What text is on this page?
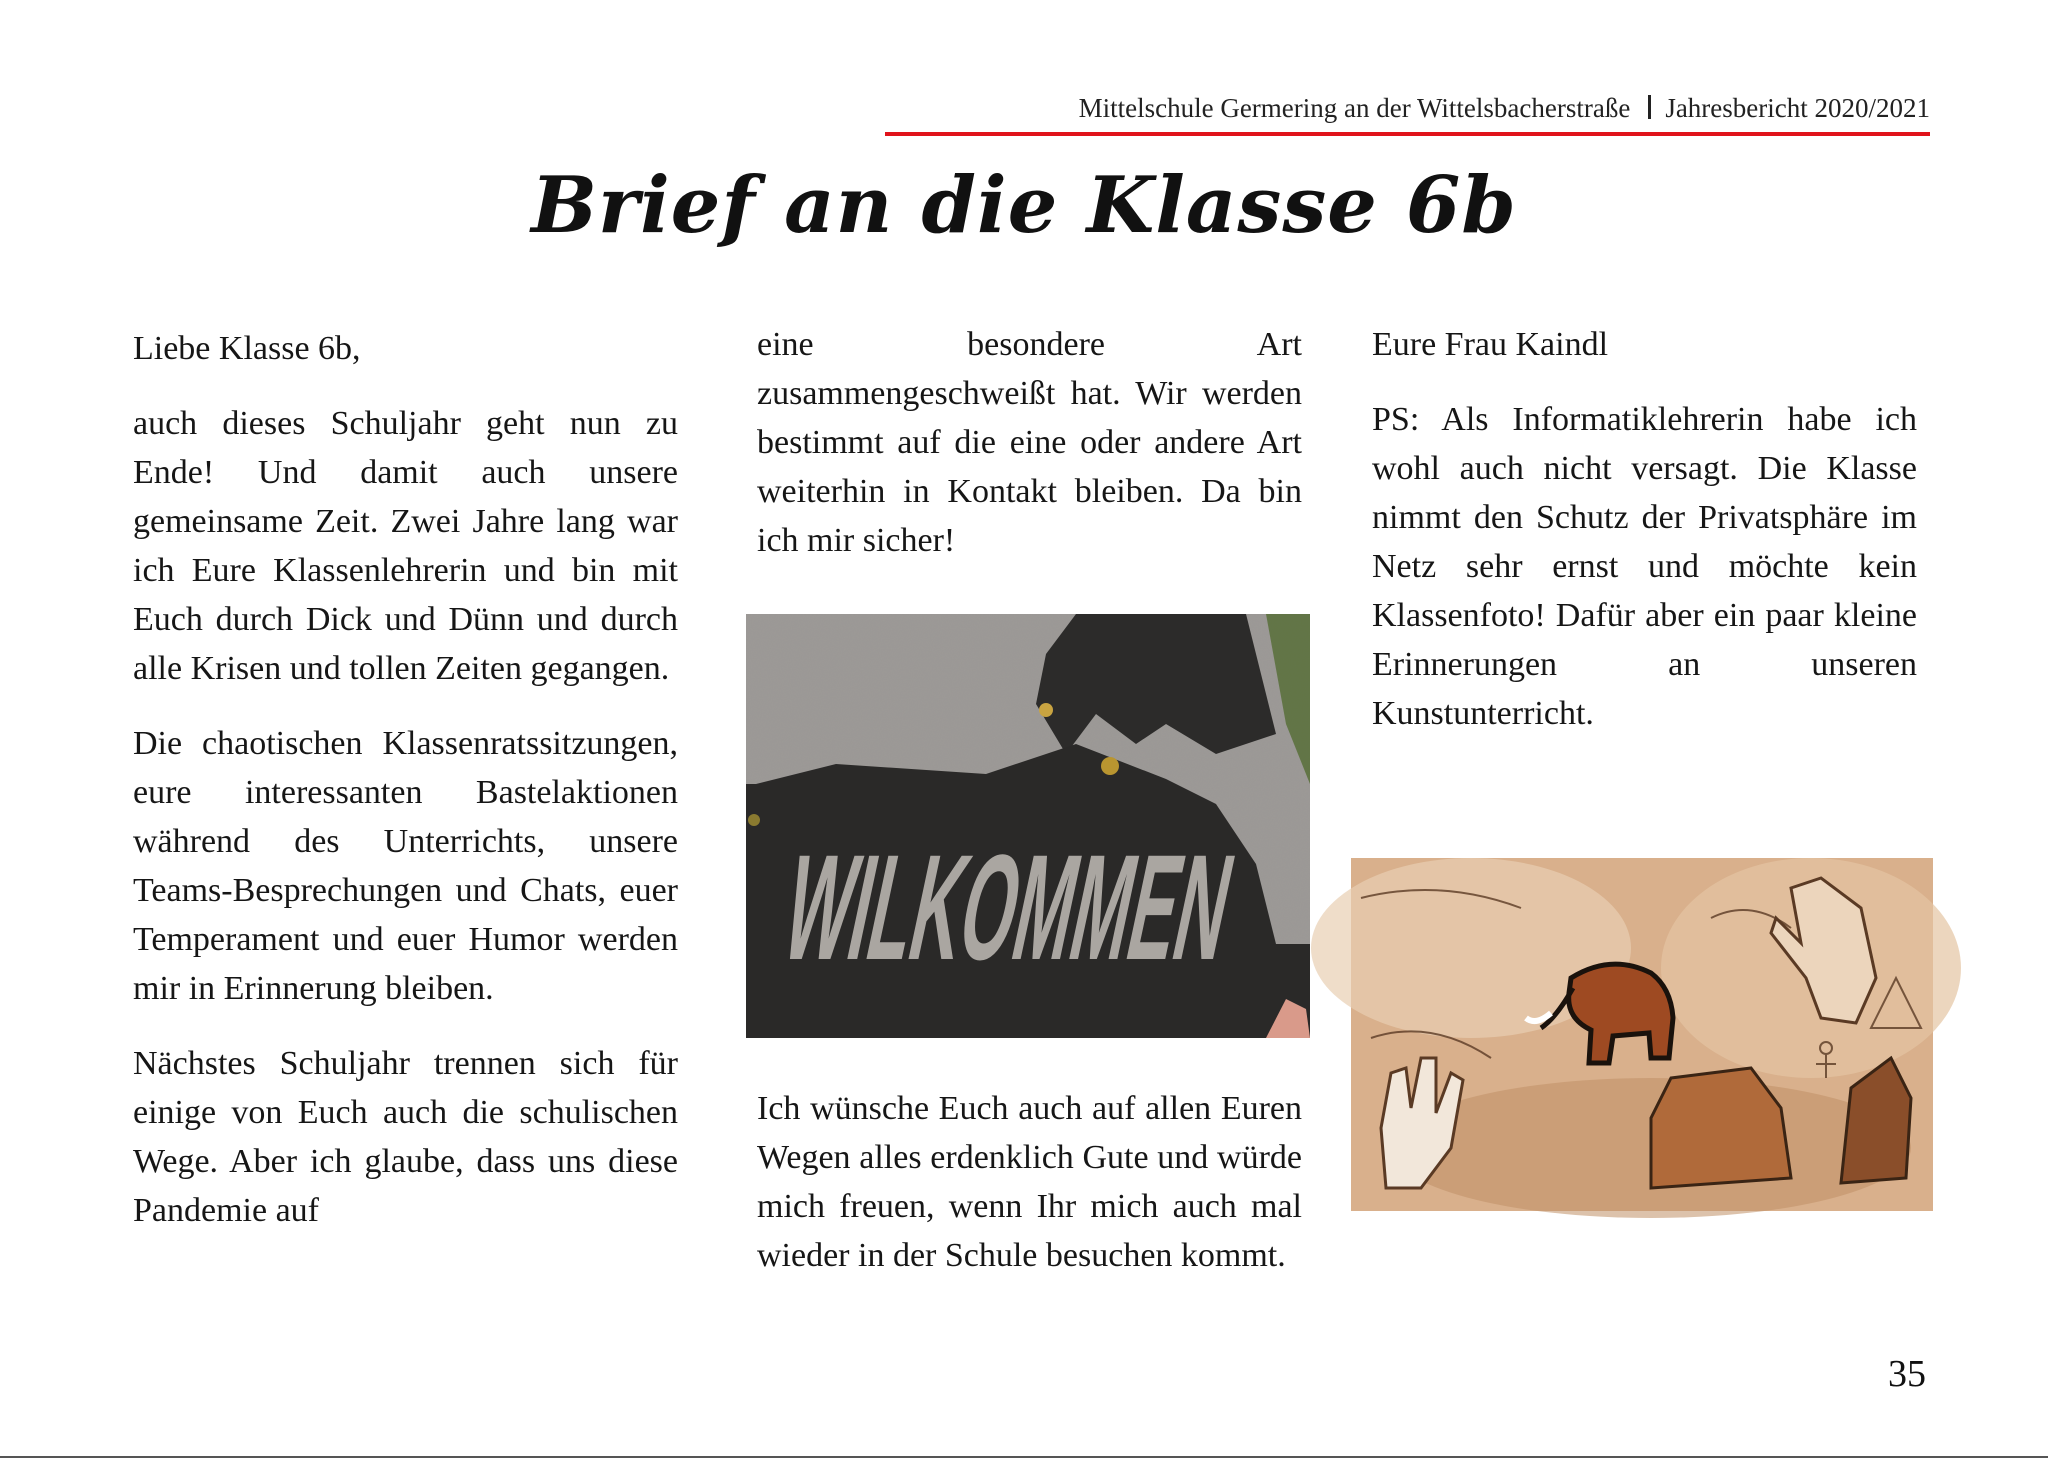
Mittelschule Germering an der Wittelsbacherstraße Jahresbericht 2020/2021
Brief an die Klasse 6b

Liebe Klasse 6b,

auch dieses Schuljahr geht nun zu Ende! Und damit auch unsere gemeinsame Zeit. Zwei Jahre lang war ich Eure Klassenlehrerin und bin mit Euch durch Dick und Dünn und durch alle Krisen und tollen Zeiten gegangen.

Die chaotischen Klassenratssitzungen, eure interessanten Bastelaktionen während des Unterrichts, unsere Teams-Besprechungen und Chats, euer Temperament und euer Humor werden mir in Erinnerung bleiben.

Nächstes Schuljahr trennen sich für einige von Euch auch die schulischen Wege. Aber ich glaube, dass uns diese Pandemie auf

eine besondere Art zusammengeschweißt hat. Wir werden bestimmt auf die eine oder andere Art weiterhin in Kontakt bleiben. Da bin ich mir sicher!

Ich wünsche Euch auch auf allen Euren Wegen alles erdenklich Gute und würde mich freuen, wenn Ihr mich auch mal wieder in der Schule besuchen kommt.

Eure Frau Kaindl

PS: Als Informatiklehrerin habe ich wohl auch nicht versagt. Die Klasse nimmt den Schutz der Privatsphäre im Netz sehr ernst und möchte kein Klassenfoto! Dafür aber ein paar kleine Erinnerungen an unseren Kunstunterricht.

35
